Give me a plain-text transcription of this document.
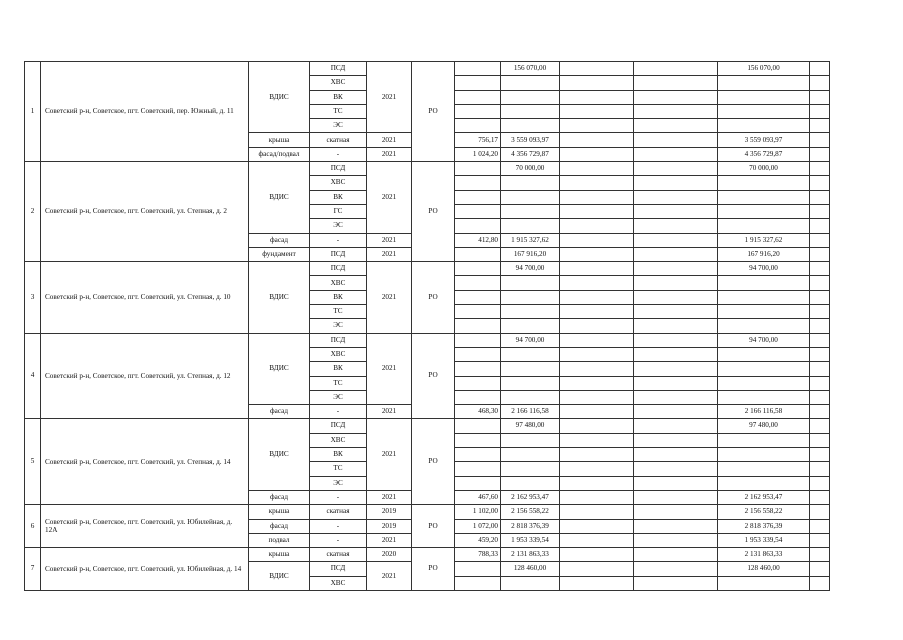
1	Советский р-н, Советское, пгт. Советский, пер. Южный, д. 11	ВДИС	ПСД	2021	РО		156 070,00			156 070,00	
			ХВС								
			ВК								
			ТС								
			ЭС								
		крыша	скатная	2021		756,17	3 559 093,97			3 559 093,97	
		фасад/подвал	-	2021		1 024,20	4 356 729,87			4 356 729,87	
2	Советский р-н, Советское, пгт. Советский, ул. Степная, д. 2	ВДИС	ПСД	2021	РО		70 000,00			70 000,00	
			ХВС								
			ВК								
			ГС								
			ЭС								
		фасад	-	2021		412,80	1 915 327,62			1 915 327,62	
		фундамент	ПСД	2021			167 916,20			167 916,20	
3	Советский р-н, Советское, пгт. Советский, ул. Степная, д. 10	ВДИС	ПСД	2021	РО		94 700,00			94 700,00	
			ХВС								
			ВК								
			ТС								
			ЭС								
4	Советский р-н, Советское, пгт. Советский, ул. Степная, д. 12	ВДИС	ПСД	2021	РО		94 700,00			94 700,00	
			ХВС								
			ВК								
			ТС								
			ЭС								
		фасад	-	2021		468,30	2 166 116,58			2 166 116,58	
5	Советский р-н, Советское, пгт. Советский, ул. Степная, д. 14	ВДИС	ПСД	2021	РО		97 480,00			97 480,00	
			ХВС								
			ВК								
			ТС								
			ЭС								
		фасад	-	2021		467,60	2 162 953,47			2 162 953,47	
6	Советский р-н, Советское, пгт. Советский, ул. Юбилейная, д. 12А	крыша	скатная	2019	РО	1 102,00	2 156 558,22			2 156 558,22	
		фасад	-	2019		1 072,00	2 818 376,39			2 818 376,39	
		подвал	-	2021		459,20	1 953 339,54			1 953 339,54	
7	Советский р-н, Советское, пгт. Советский, ул. Юбилейная, д. 14	крыша	скатная	2020	РО	788,33	2 131 863,33			2 131 863,33	
		ВДИС	ПСД	2021			128 460,00			128 460,00	
			ХВС								
